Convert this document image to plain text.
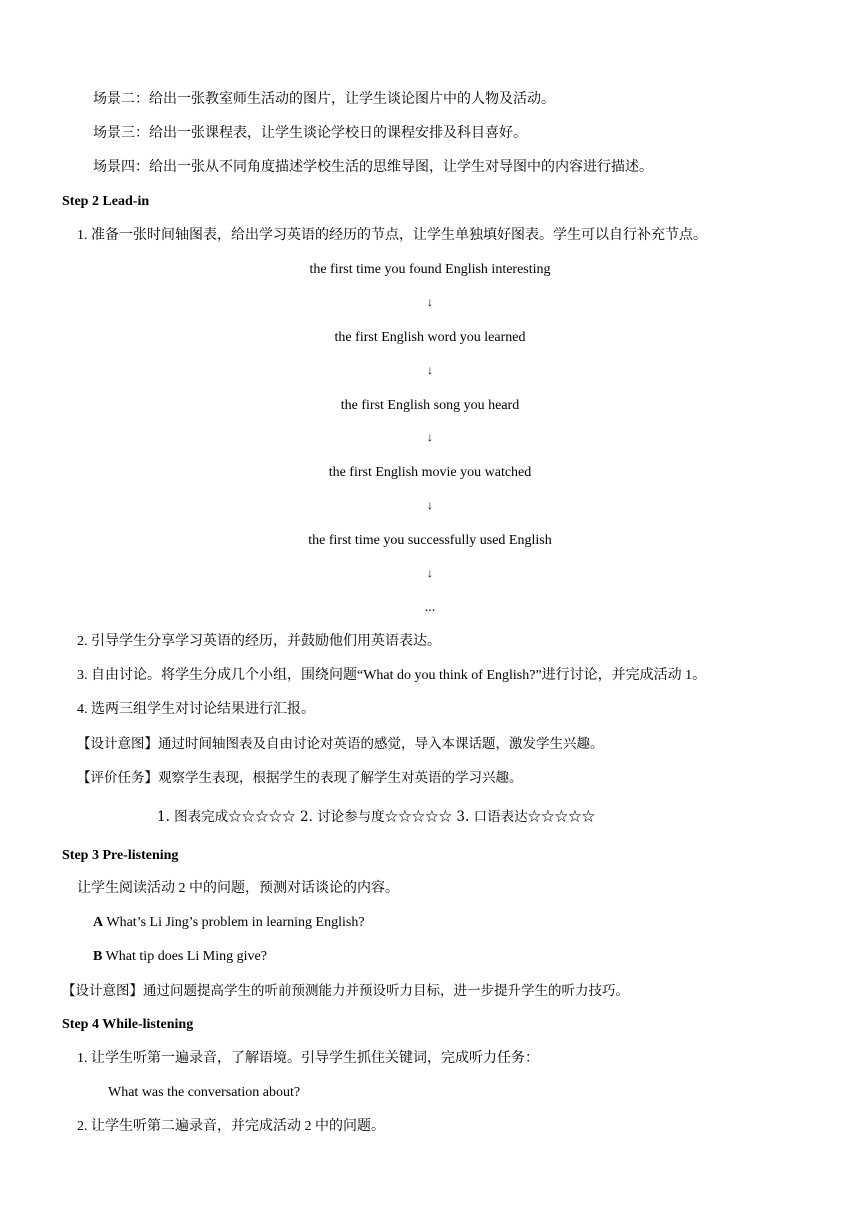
场景二：给出一张教室师生活动的图片，让学生谈论图片中的人物及活动。
场景三：给出一张课程表，让学生谈论学校日的课程安排及科目喜好。
场景四：给出一张从不同角度描述学校生活的思维导图，让学生对导图中的内容进行描述。
Step 2 Lead-in
1. 准备一张时间轴图表，给出学习英语的经历的节点，让学生单独填好图表。学生可以自行补充节点。
the first time you found English interesting
↓
the first English word you learned
↓
the first English song you heard
↓
the first English movie you watched
↓
the first time you successfully used English
↓
...
2. 引导学生分享学习英语的经历，并鼓励他们用英语表达。
3. 自由讨论。将学生分成几个小组，围绕问题“What do you think of English?”进行讨论，并完成活动 1。
4. 选两三组学生对讨论结果进行汇报。
【设计意图】通过时间轴图表及自由讨论对英语的感觉，导入本课话题，激发学生兴趣。
【评价任务】观察学生表现，根据学生的表现了解学生对英语的学习兴趣。
1. 图表完成☆☆☆☆☆ 2. 讨论参与度☆☆☆☆☆ 3. 口语表达☆☆☆☆☆
Step 3 Pre-listening
让学生阅读活动 2 中的问题，预测对话谈论的内容。
A What’s Li Jing’s problem in learning English?
B What tip does Li Ming give?
【设计意图】通过问题提高学生的听前预测能力并预设听力目标，进一步提升学生的听力技巧。
Step 4 While-listening
1. 让学生听第一遍录音，了解语境。引导学生抓住关键词，完成听力任务：
What was the conversation about?
2. 让学生听第二遍录音，并完成活动 2 中的问题。
